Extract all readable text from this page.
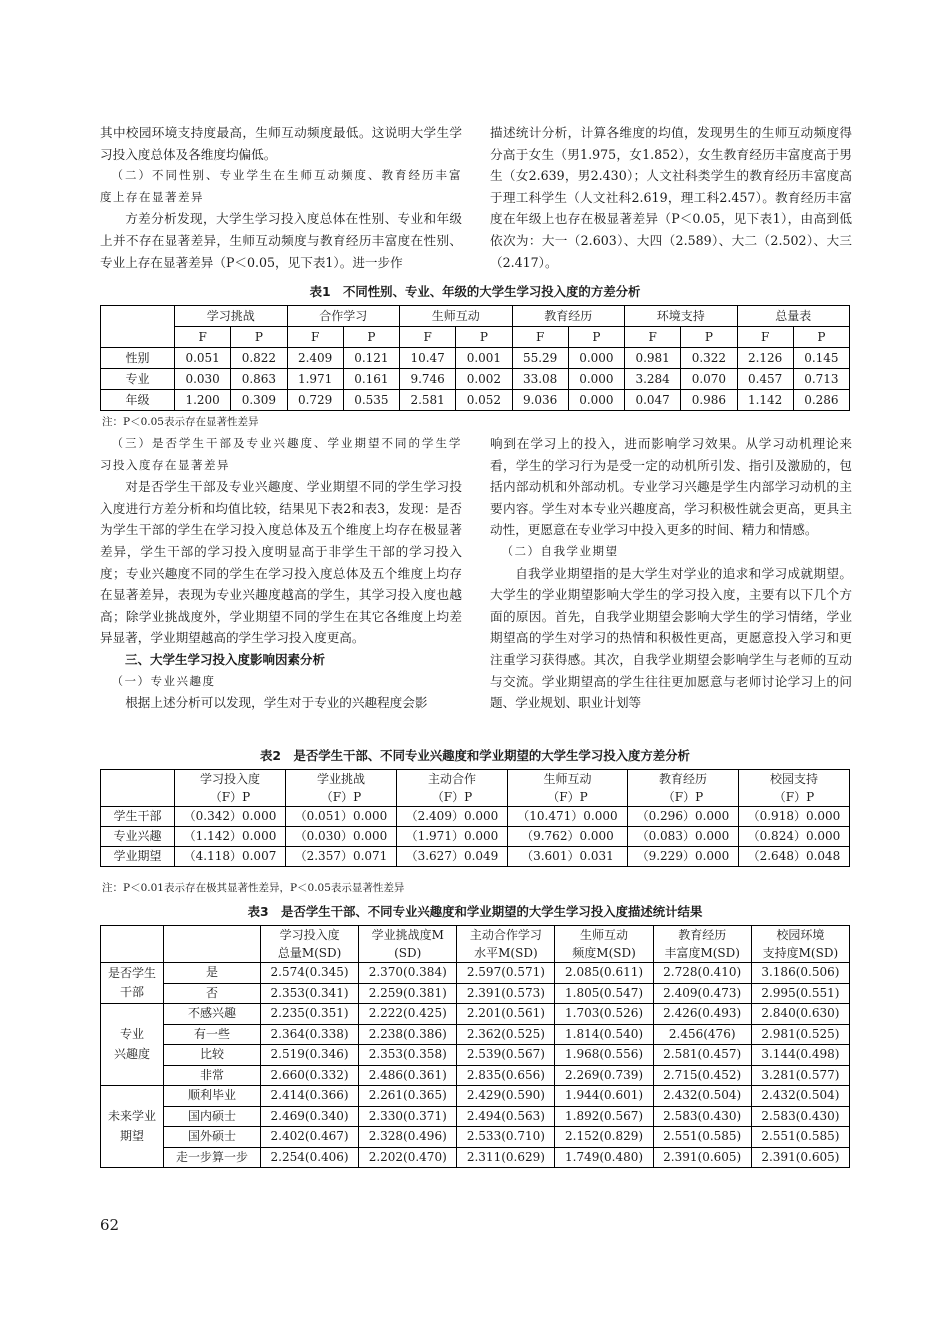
其中校园环境支持度最高，生师互动频度最低。这说明大学生学习投入度总体及各维度均偏低。

（二）不同性别、专业学生在生师互动频度、教育经历丰富度上存在显著差异

方差分析发现，大学生学习投入度总体在性别、专业和年级上并不存在显著差异，生师互动频度与教育经历丰富度在性别、专业上存在显著差异（P＜0.05，见下表1）。进一步作

描述统计分析，计算各维度的均值，发现男生的生师互动频度得分高于女生（男1.975，女1.852），女生教育经历丰富度高于男生（女2.639，男2.430）；人文社科类学生的教育经历丰富度高于理工科学生（人文社科2.619，理工科2.457）。教育经历丰富度在年级上也存在极显著差异（P＜0.05，见下表1），由高到低依次为：大一（2.603）、大四（2.589）、大二（2.502）、大三（2.417）。

表1　不同性别、专业、年级的大学生学习投入度的方差分析
	学习挑战		合作学习		生师互动		教育经历		环境支持		总量表	
	F	P	F	P	F	P	F	P	F	P	F	P
性别	0.051	0.822	2.409	0.121	10.47	0.001	55.29	0.000	0.981	0.322	2.126	0.145
专业	0.030	0.863	1.971	0.161	9.746	0.002	33.08	0.000	3.284	0.070	0.457	0.713
年级	1.200	0.309	0.729	0.535	2.581	0.052	9.036	0.000	0.047	0.986	1.142	0.286
注：P＜0.05表示存在显著性差异

（三）是否学生干部及专业兴趣度、学业期望不同的学生学习投入度存在显著差异

对是否学生干部及专业兴趣度、学业期望不同的学生学习投入度进行方差分析和均值比较，结果见下表2和表3，发现：是否为学生干部的学生在学习投入度总体及五个维度上均存在极显著差异，学生干部的学习投入度明显高于非学生干部的学习投入度；专业兴趣度不同的学生在学习投入度总体及五个维度上均存在显著差异，表现为专业兴趣度越高的学生，其学习投入度也越高；除学业挑战度外，学业期望不同的学生在其它各维度上均差异显著，学业期望越高的学生学习投入度更高。

三、大学生学习投入度影响因素分析

（一）专业兴趣度

根据上述分析可以发现，学生对于专业的兴趣程度会影

响到在学习上的投入，进而影响学习效果。从学习动机理论来看，学生的学习行为是受一定的动机所引发、指引及激励的，包括内部动机和外部动机。专业学习兴趣是学生内部学习动机的主要内容。学生对本专业兴趣度高，学习积极性就会更高，更具主动性，更愿意在专业学习中投入更多的时间、精力和情感。

（二）自我学业期望

自我学业期望指的是大学生对学业的追求和学习成就期望。大学生的学业期望影响大学生的学习投入度，主要有以下几个方面的原因。首先，自我学业期望会影响大学生的学习情绪，学业期望高的学生对学习的热情和积极性更高，更愿意投入学习和更注重学习获得感。其次，自我学业期望会影响学生与老师的互动与交流。学业期望高的学生往往更加愿意与老师讨论学习上的问题、学业规划、职业计划等

表2　是否学生干部、不同专业兴趣度和学业期望的大学生学习投入度方差分析

	学习投入度
（F）P	学业挑战
（F）P	主动合作
（F）P	生师互动
（F）P	教育经历
（F）P	校园支持
（F）P

学生干部	（0.342）0.000	（0.051）0.000	（2.409）0.000	（10.471）0.000	（0.296）0.000	（0.918）0.000
专业兴趣	（1.142）0.000	（0.030）0.000	（1.971）0.000	（9.762）0.000	（0.083）0.000	（0.824）0.000
学业期望	（4.118）0.007	（2.357）0.071	（3.627）0.049	（3.601）0.031	（9.229）0.000	（2.648）0.048
注：P＜0.01表示存在极其显著性差异，P＜0.05表示显著性差异
表3　是否学生干部、不同专业兴趣度和学业期望的大学生学习投入度描述统计结果

		学习投入度
总量M(SD)	学业挑战度M
(SD)	主动合作学习
水平M(SD)	生师互动
频度M(SD)	教育经历
丰富度M(SD)	校园环境
支持度M(SD)

是否学生
干部	是	2.574(0.345)	2.370(0.384)	2.597(0.571)	2.085(0.611)	2.728(0.410)	3.186(0.506)
	否	2.353(0.341)	2.259(0.381)	2.391(0.573)	1.805(0.547)	2.409(0.473)	2.995(0.551)

专业
兴趣度	不感兴趣	2.235(0.351)	2.222(0.425)	2.201(0.561)	1.703(0.526)	2.426(0.493)	2.840(0.630)
	有一些	2.364(0.338)	2.238(0.386)	2.362(0.525)	1.814(0.540)	2.456(476)	2.981(0.525)
	比较	2.519(0.346)	2.353(0.358)	2.539(0.567)	1.968(0.556)	2.581(0.457)	3.144(0.498)
	非常	2.660(0.332)	2.486(0.361)	2.835(0.656)	2.269(0.739)	2.715(0.452)	3.281(0.577)

未来学业
期望	顺利毕业	2.414(0.366)	2.261(0.365)	2.429(0.590)	1.944(0.601)	2.432(0.504)	2.432(0.504)
	国内硕士	2.469(0.340)	2.330(0.371)	2.494(0.563)	1.892(0.567)	2.583(0.430)	2.583(0.430)
	国外硕士	2.402(0.467)	2.328(0.496)	2.533(0.710)	2.152(0.829)	2.551(0.585)	2.551(0.585)
	走一步算一步	2.254(0.406)	2.202(0.470)	2.311(0.629)	1.749(0.480)	2.391(0.605)	2.391(0.605)
62
